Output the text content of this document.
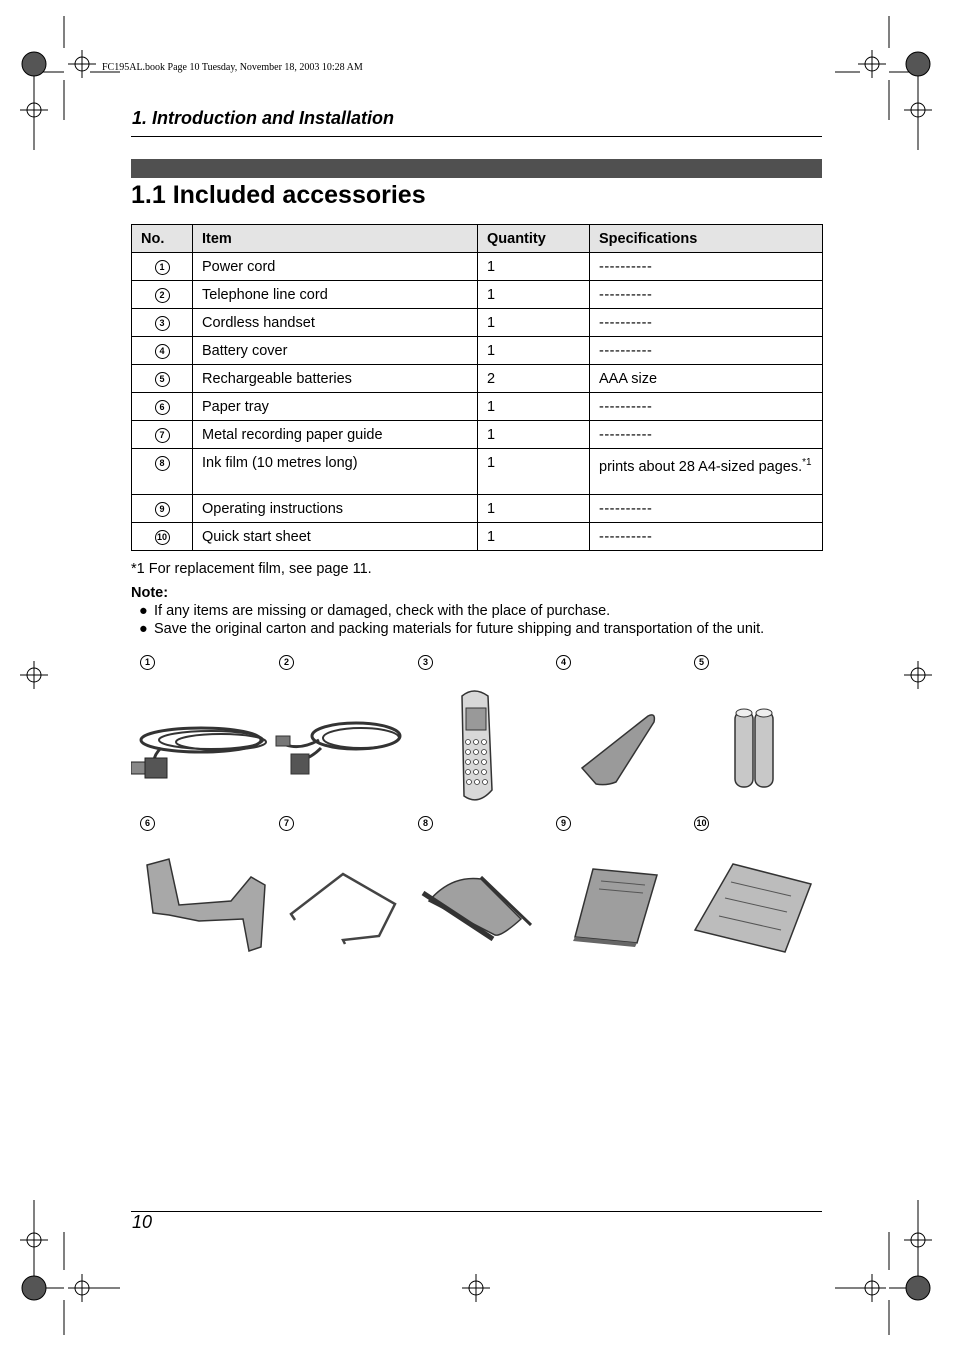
FC195AL.book Page 10 Tuesday, November 18, 2003 10:28 AM
1. Introduction and Installation
1.1 Included accessories
No.	Item	Quantity	Specifications
1	Power cord	1	----------
2	Telephone line cord	1	----------
3	Cordless handset	1	----------
4	Battery cover	1	----------
5	Rechargeable batteries	2	AAA size
6	Paper tray	1	----------
7	Metal recording paper guide	1	----------
8	Ink film (10 metres long)	1	prints about 28 A4-sized pages.$^{*1}$
9	Operating instructions	1	----------
10	Quick start sheet	1	----------
*1 For replacement film, see page 11.
Note:
● If any items are missing or damaged, check with the place of purchase.
● Save the original carton and packing materials for future shipping and transportation of the unit.
1	2	3	4	5
6	7	8	9	10
10
